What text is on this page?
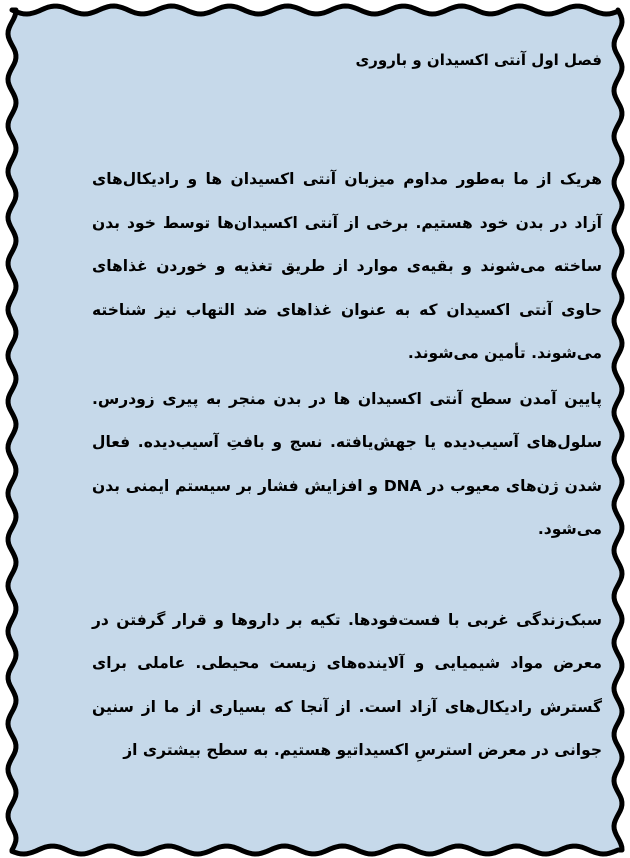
فصل اول آنتی اکسیدان و باروری

هریک از ما به‌طور مداوم میزبان آنتی اکسیدان ها و رادیکال‌های آزاد در بدن خود هستیم. برخی از آنتی اکسیدان‌ها توسط خود بدن ساخته می‌شوند و بقیه‌ی موارد از طریق تغذیه و خوردن غذاهای حاوی آنتی اکسیدان که به عنوان غذاهای ضد التهاب نیز شناخته می‌شوند. تأمین می‌شوند.

پایین آمدن سطح آنتی اکسیدان ها در بدن منجر به پیری زودرس. سلول‌های آسیب‌دیده یا جهش‌یافته. نسج و بافتِ آسیب‌دیده. فعال شدن ژن‌های معیوب در DNA و افزایش فشار بر سیستم ایمنی بدن می‌شود.

سبک‌زندگی غربی با فست‌فودها. تکیه بر داروها و قرار گرفتن در معرض مواد شیمیایی و آلاینده‌های زیست محیطی. عاملی برای گسترش رادیکال‌های آزاد است. از آنجا که بسیاری از ما از سنین جوانی در معرض استرسِ اکسیداتیو هستیم. به سطح بیشتری از
